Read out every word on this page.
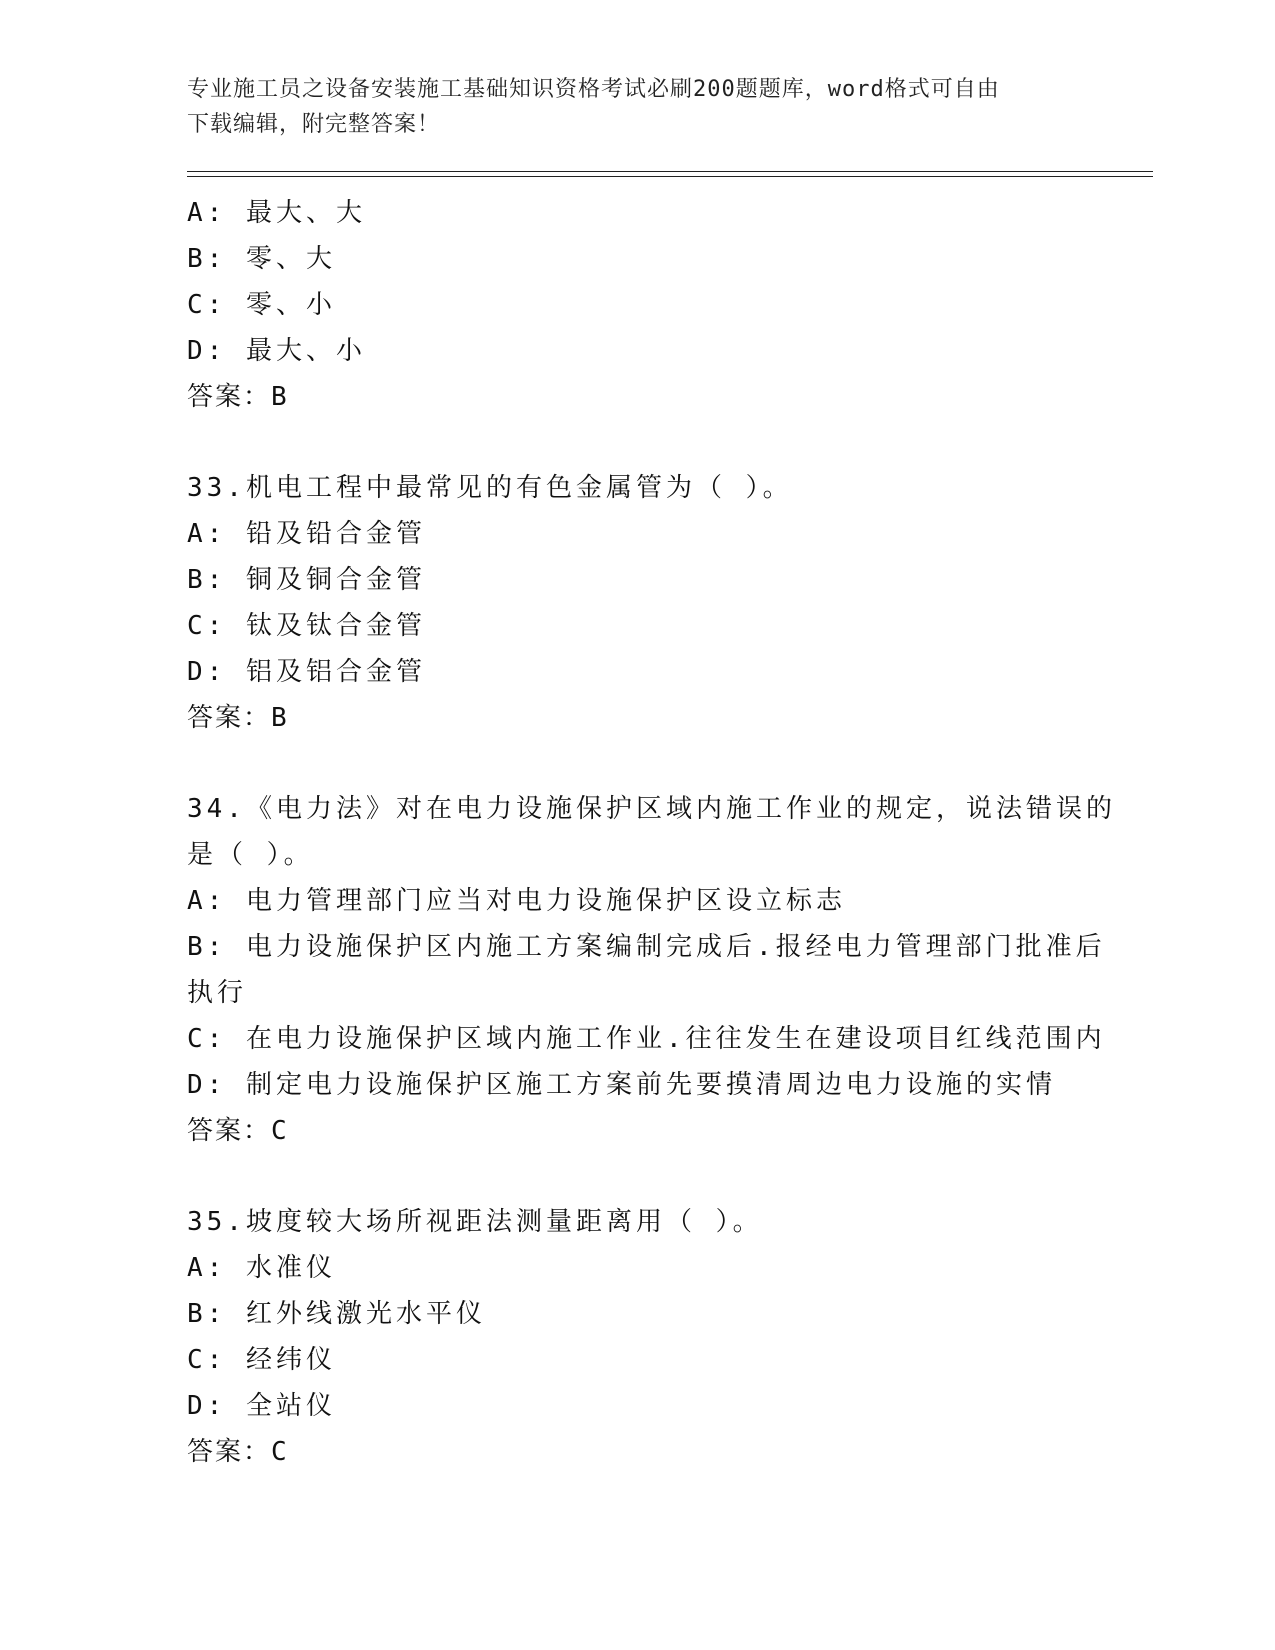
专业施工员之设备安装施工基础知识资格考试必刷200题题库，word格式可自由
下载编辑，附完整答案！
A: 最大、大
B: 零、大
C: 零、小
D: 最大、小
答案：B
33.机电工程中最常见的有色金属管为（ ）。
A: 铅及铅合金管
B: 铜及铜合金管
C: 钛及钛合金管
D: 铝及铝合金管
答案：B
34.《电力法》对在电力设施保护区域内施工作业的规定，说法错误的
是（ ）。
A: 电力管理部门应当对电力设施保护区设立标志
B: 电力设施保护区内施工方案编制完成后.报经电力管理部门批准后
执行
C: 在电力设施保护区域内施工作业.往往发生在建设项目红线范围内
D: 制定电力设施保护区施工方案前先要摸清周边电力设施的实情
答案：C
35.坡度较大场所视距法测量距离用（ ）。
A: 水准仪
B: 红外线激光水平仪
C: 经纬仪
D: 全站仪
答案：C
